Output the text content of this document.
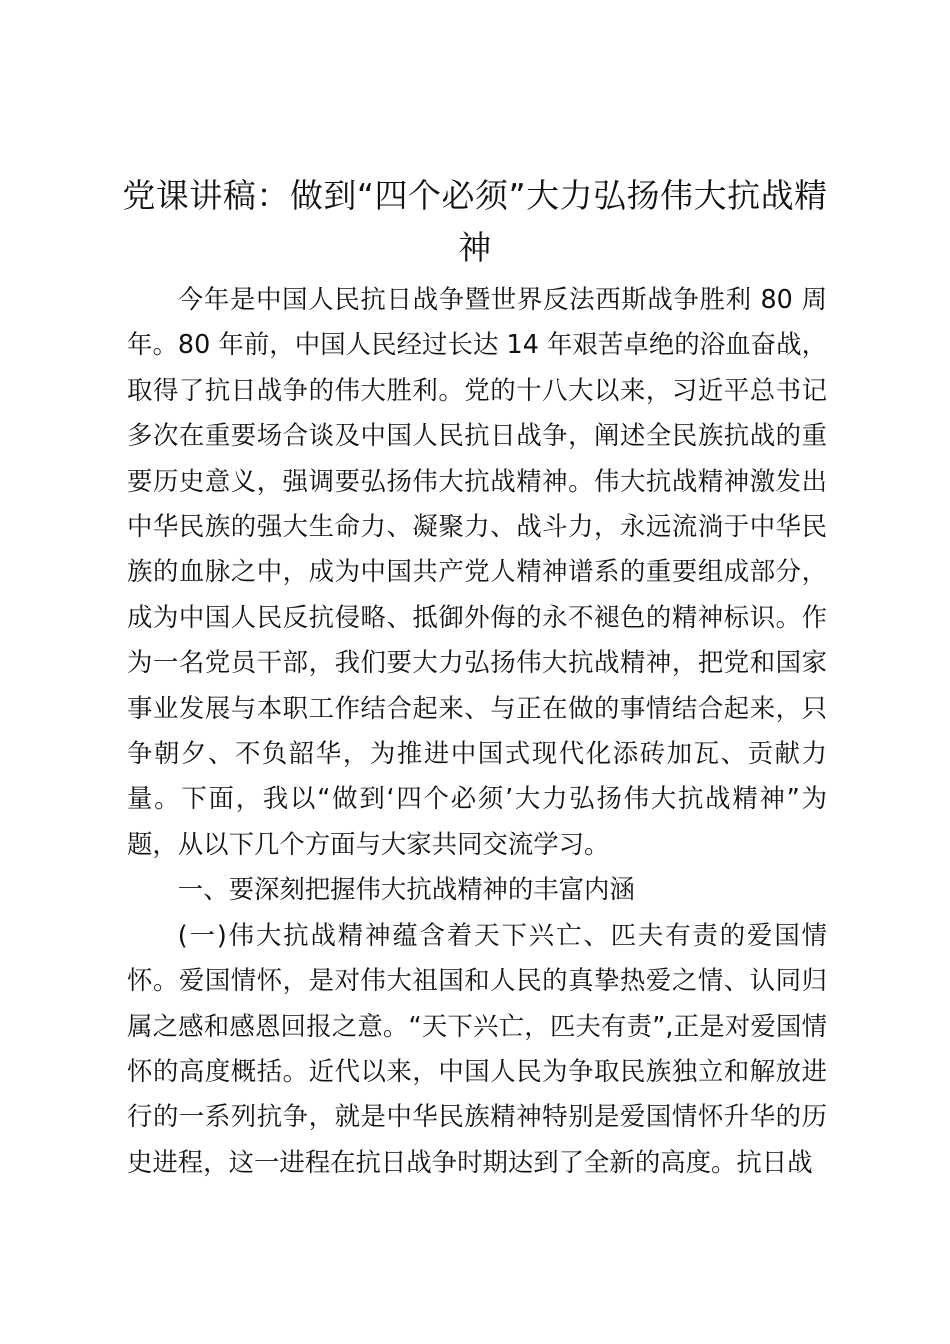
党课讲稿：做到“四个必须”大力弘扬伟大抗战精神

今年是中国人民抗日战争暨世界反法西斯战争胜利 80 周年。80 年前，中国人民经过长达 14 年艰苦卓绝的浴血奋战，取得了抗日战争的伟大胜利。党的十八大以来，习近平总书记多次在重要场合谈及中国人民抗日战争，阐述全民族抗战的重要历史意义，强调要弘扬伟大抗战精神。伟大抗战精神激发出中华民族的强大生命力、凝聚力、战斗力，永远流淌于中华民族的血脉之中，成为中国共产党人精神谱系的重要组成部分，成为中国人民反抗侵略、抵御外侮的永不褪色的精神标识。作为一名党员干部，我们要大力弘扬伟大抗战精神，把党和国家事业发展与本职工作结合起来、与正在做的事情结合起来，只争朝夕、不负韶华，为推进中国式现代化添砖加瓦、贡献力量。下面，我以“做到‘四个必须’大力弘扬伟大抗战精神”为题，从以下几个方面与大家共同交流学习。

一、要深刻把握伟大抗战精神的丰富内涵

(一)伟大抗战精神蕴含着天下兴亡、匹夫有责的爱国情怀。爱国情怀，是对伟大祖国和人民的真挚热爱之情、认同归属之感和感恩回报之意。“天下兴亡，匹夫有责”,正是对爱国情怀的高度概括。近代以来，中国人民为争取民族独立和解放进行的一系列抗争，就是中华民族精神特别是爱国情怀升华的历史进程，这一进程在抗日战争时期达到了全新的高度。抗日战
